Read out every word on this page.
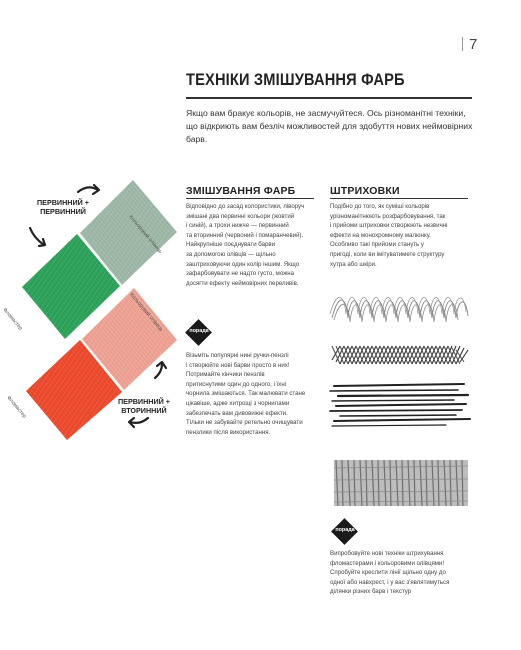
7
ТЕХНІКИ ЗМІШУВАННЯ ФАРБ
Якщо вам бракує кольорів, не засмучуйтеся. Ось різноманітні техніки, що відкриють вам безліч можливостей для здобуття нових неймовірних барв.
Кольоровий олівець
Фломастер	Кольоровий олівець
Фломастер
ПЕРВИННИЙ +
ПЕРВИННИЙ
ПЕРВИННИЙ +
ВТОРИННИЙ
ЗМІШУВАННЯ ФАРБ
Відповідно до засад колористики, ліворуч
змішані два первинні кольори (жовтий
і синій), а трохи нижче — первинний
та вторинний (червоний і помаранчевий).
Найкрупніше поєднувати барви
за допомогою олівців — щільно
заштриховуючи один колір іншим. Якщо
зафарбовувати не надто густо, можна
досягти ефекту неймовірних переливів.
порада
Візьміть популярні нині ручки-пензлі
і створюйте нові барви просто в них!
Потримайте кінчики пензлів
притиснутими один до одного, і їхні
чорнила змішаються. Так малювати стане
цікавіше, адже хитрощі з чорнилами
забезпечать вам дивовижні ефекти.
Тільки не забувайте ретельно очищувати
пензлики після використання.
ШТРИХОВКИ
Подібно до того, як суміші кольорів
урізноманітнюють розфарбовування, так
і прийоми штриховки створюють незвичні
ефекти на монохромному малюнку.
Особливо такі прийоми стануть у
пригоді, коли ви імітуватимете структуру
хутра або шкіри.
порада
Випробовуйте нові техніки штрихування
фломастерами і кольоровими олівцями!
Спробуйте креслити лінії щільно одну до
одної або навхрест, і у вас з'являтимуться
ділянки різних барв і текстур
